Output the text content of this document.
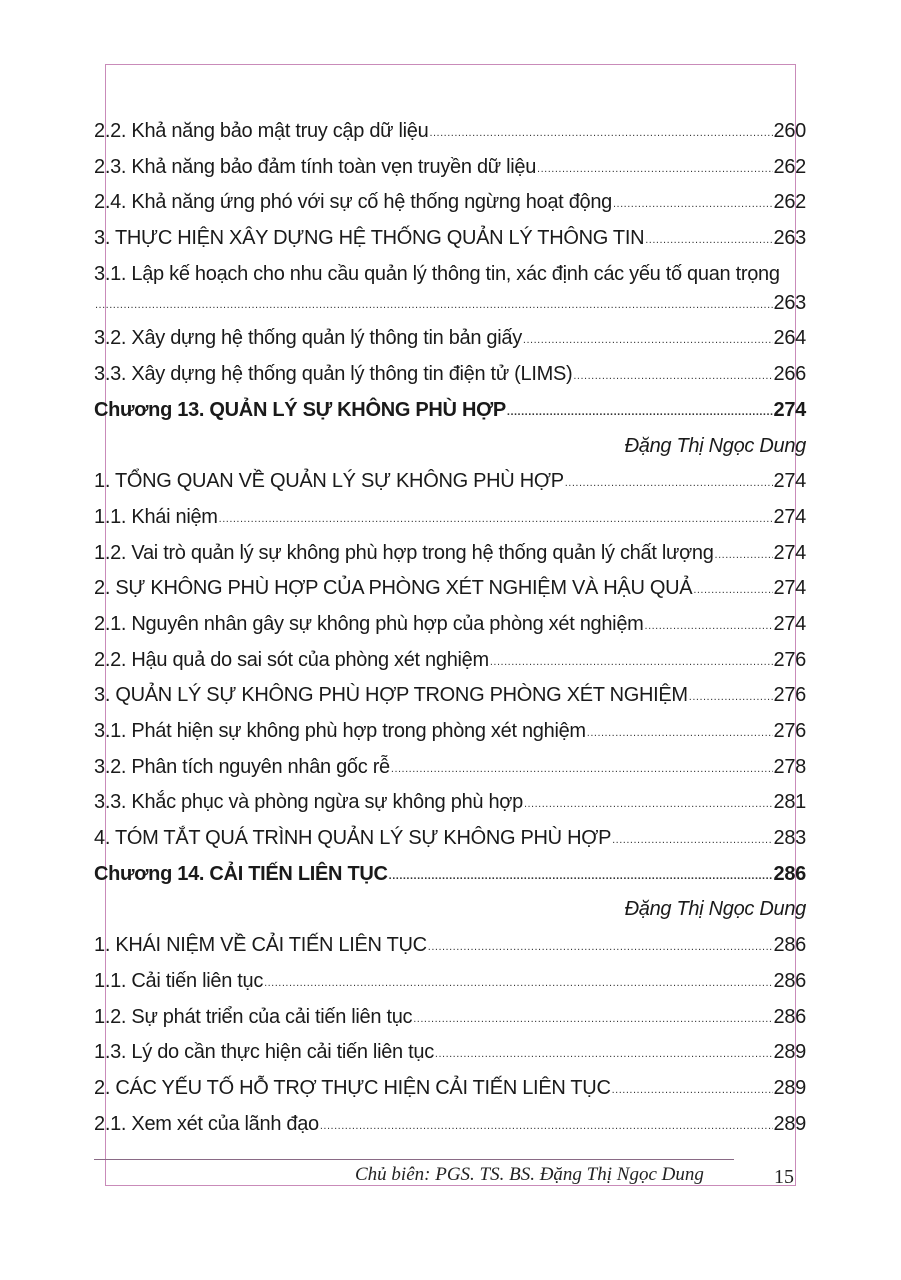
2.2. Khả năng bảo mật truy cập dữ liệu .....	260
2.3. Khả năng bảo đảm tính toàn vẹn truyền dữ liệu .....	262
2.4. Khả năng ứng phó với sự cố hệ thống ngừng hoạt động .....	262
3. THỰC HIỆN XÂY DỰNG HỆ THỐNG QUẢN LÝ THÔNG TIN .....	263
3.1. Lập kế hoạch cho nhu cầu quản lý thông tin, xác định các yếu tố quan trọng
.....
263
3.2. Xây dựng hệ thống quản lý thông tin bản giấy .....	264
3.3. Xây dựng hệ thống quản lý thông tin điện tử (LIMS) .....	266
Chương 13. QUẢN LÝ SỰ KHÔNG PHÙ HỢP .....	274
Đặng Thị Ngọc Dung
1. TỔNG QUAN VỀ QUẢN LÝ SỰ KHÔNG PHÙ HỢP .....	274
1.1. Khái niệm .....	274
1.2. Vai trò quản lý sự không phù hợp trong hệ thống quản lý chất lượng .....	274
2. SỰ KHÔNG PHÙ HỢP CỦA PHÒNG XÉT NGHIỆM VÀ HẬU QUẢ .....	274
2.1. Nguyên nhân gây sự không phù hợp của phòng xét nghiệm .....	274
2.2. Hậu quả do sai sót của phòng xét nghiệm .....	276
3. QUẢN LÝ SỰ KHÔNG PHÙ HỢP TRONG PHÒNG XÉT NGHIỆM .....	276
3.1. Phát hiện sự không phù hợp trong phòng xét nghiệm .....	276
3.2. Phân tích nguyên nhân gốc rễ .....	278
3.3. Khắc phục và phòng ngừa sự không phù hợp .....	281
4. TÓM TẮT QUÁ TRÌNH QUẢN LÝ SỰ KHÔNG PHÙ HỢP .....	283
Chương 14. CẢI TIẾN LIÊN TỤC .....	286
Đặng Thị Ngọc Dung
1. KHÁI NIỆM VỀ CẢI TIẾN LIÊN TỤC .....	286
1.1. Cải tiến liên tục .....	286
1.2. Sự phát triển của cải tiến liên tục .....	286
1.3. Lý do cần thực hiện cải tiến liên tục .....	289
2. CÁC YẾU TỐ HỖ TRỢ THỰC HIỆN CẢI TIẾN LIÊN TỤC .....	289
2.1. Xem xét của lãnh đạo .....	289
Chủ biên: PGS. TS. BS. Đặng Thị Ngọc Dung	15
